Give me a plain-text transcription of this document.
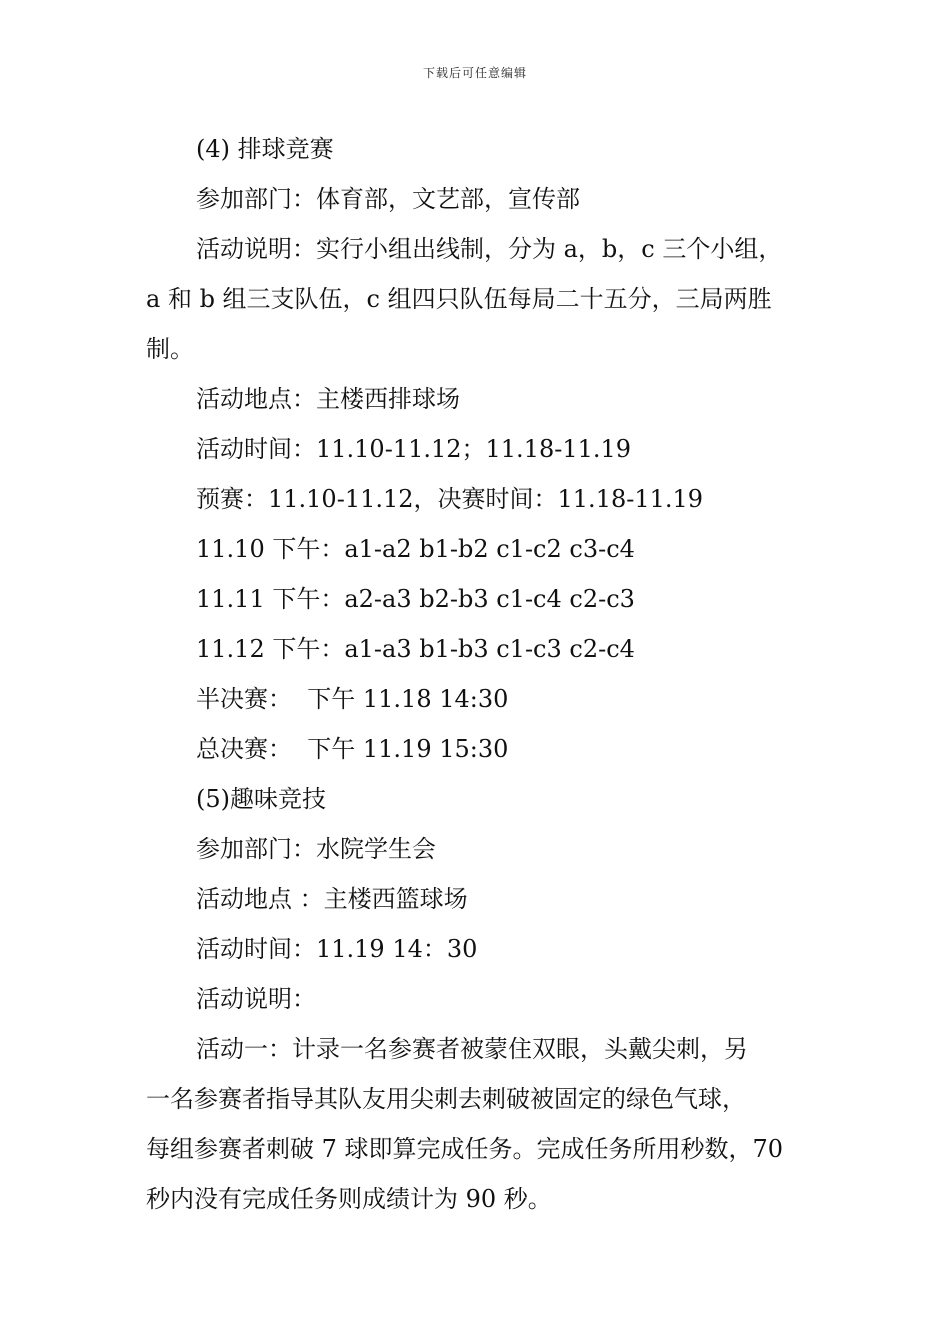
下载后可任意编辑

(4) 排球竞赛

参加部门：体育部，文艺部，宣传部

活动说明：实行小组出线制，分为 a，b，c 三个小组，

a 和 b 组三支队伍，c 组四只队伍每局二十五分，三局两胜

制。

活动地点：主楼西排球场

活动时间：11.10-11.12；11.18-11.19

预赛：11.10-11.12，决赛时间：11.18-11.19

11.10 下午：a1-a2 b1-b2 c1-c2 c3-c4

11.11 下午：a2-a3 b2-b3 c1-c4 c2-c3

11.12 下午：a1-a3 b1-b3 c1-c3 c2-c4

半决赛：  下午 11.18 14:30

总决赛：  下午 11.19 15:30

(5)趣味竞技

参加部门：水院学生会

活动地点 ：主楼西篮球场

活动时间：11.19 14：30

活动说明：

活动一：计录一名参赛者被蒙住双眼，头戴尖刺，另

一名参赛者指导其队友用尖刺去刺破被固定的绿色气球，

每组参赛者刺破 7 球即算完成任务。完成任务所用秒数，70

秒内没有完成任务则成绩计为 90 秒。
